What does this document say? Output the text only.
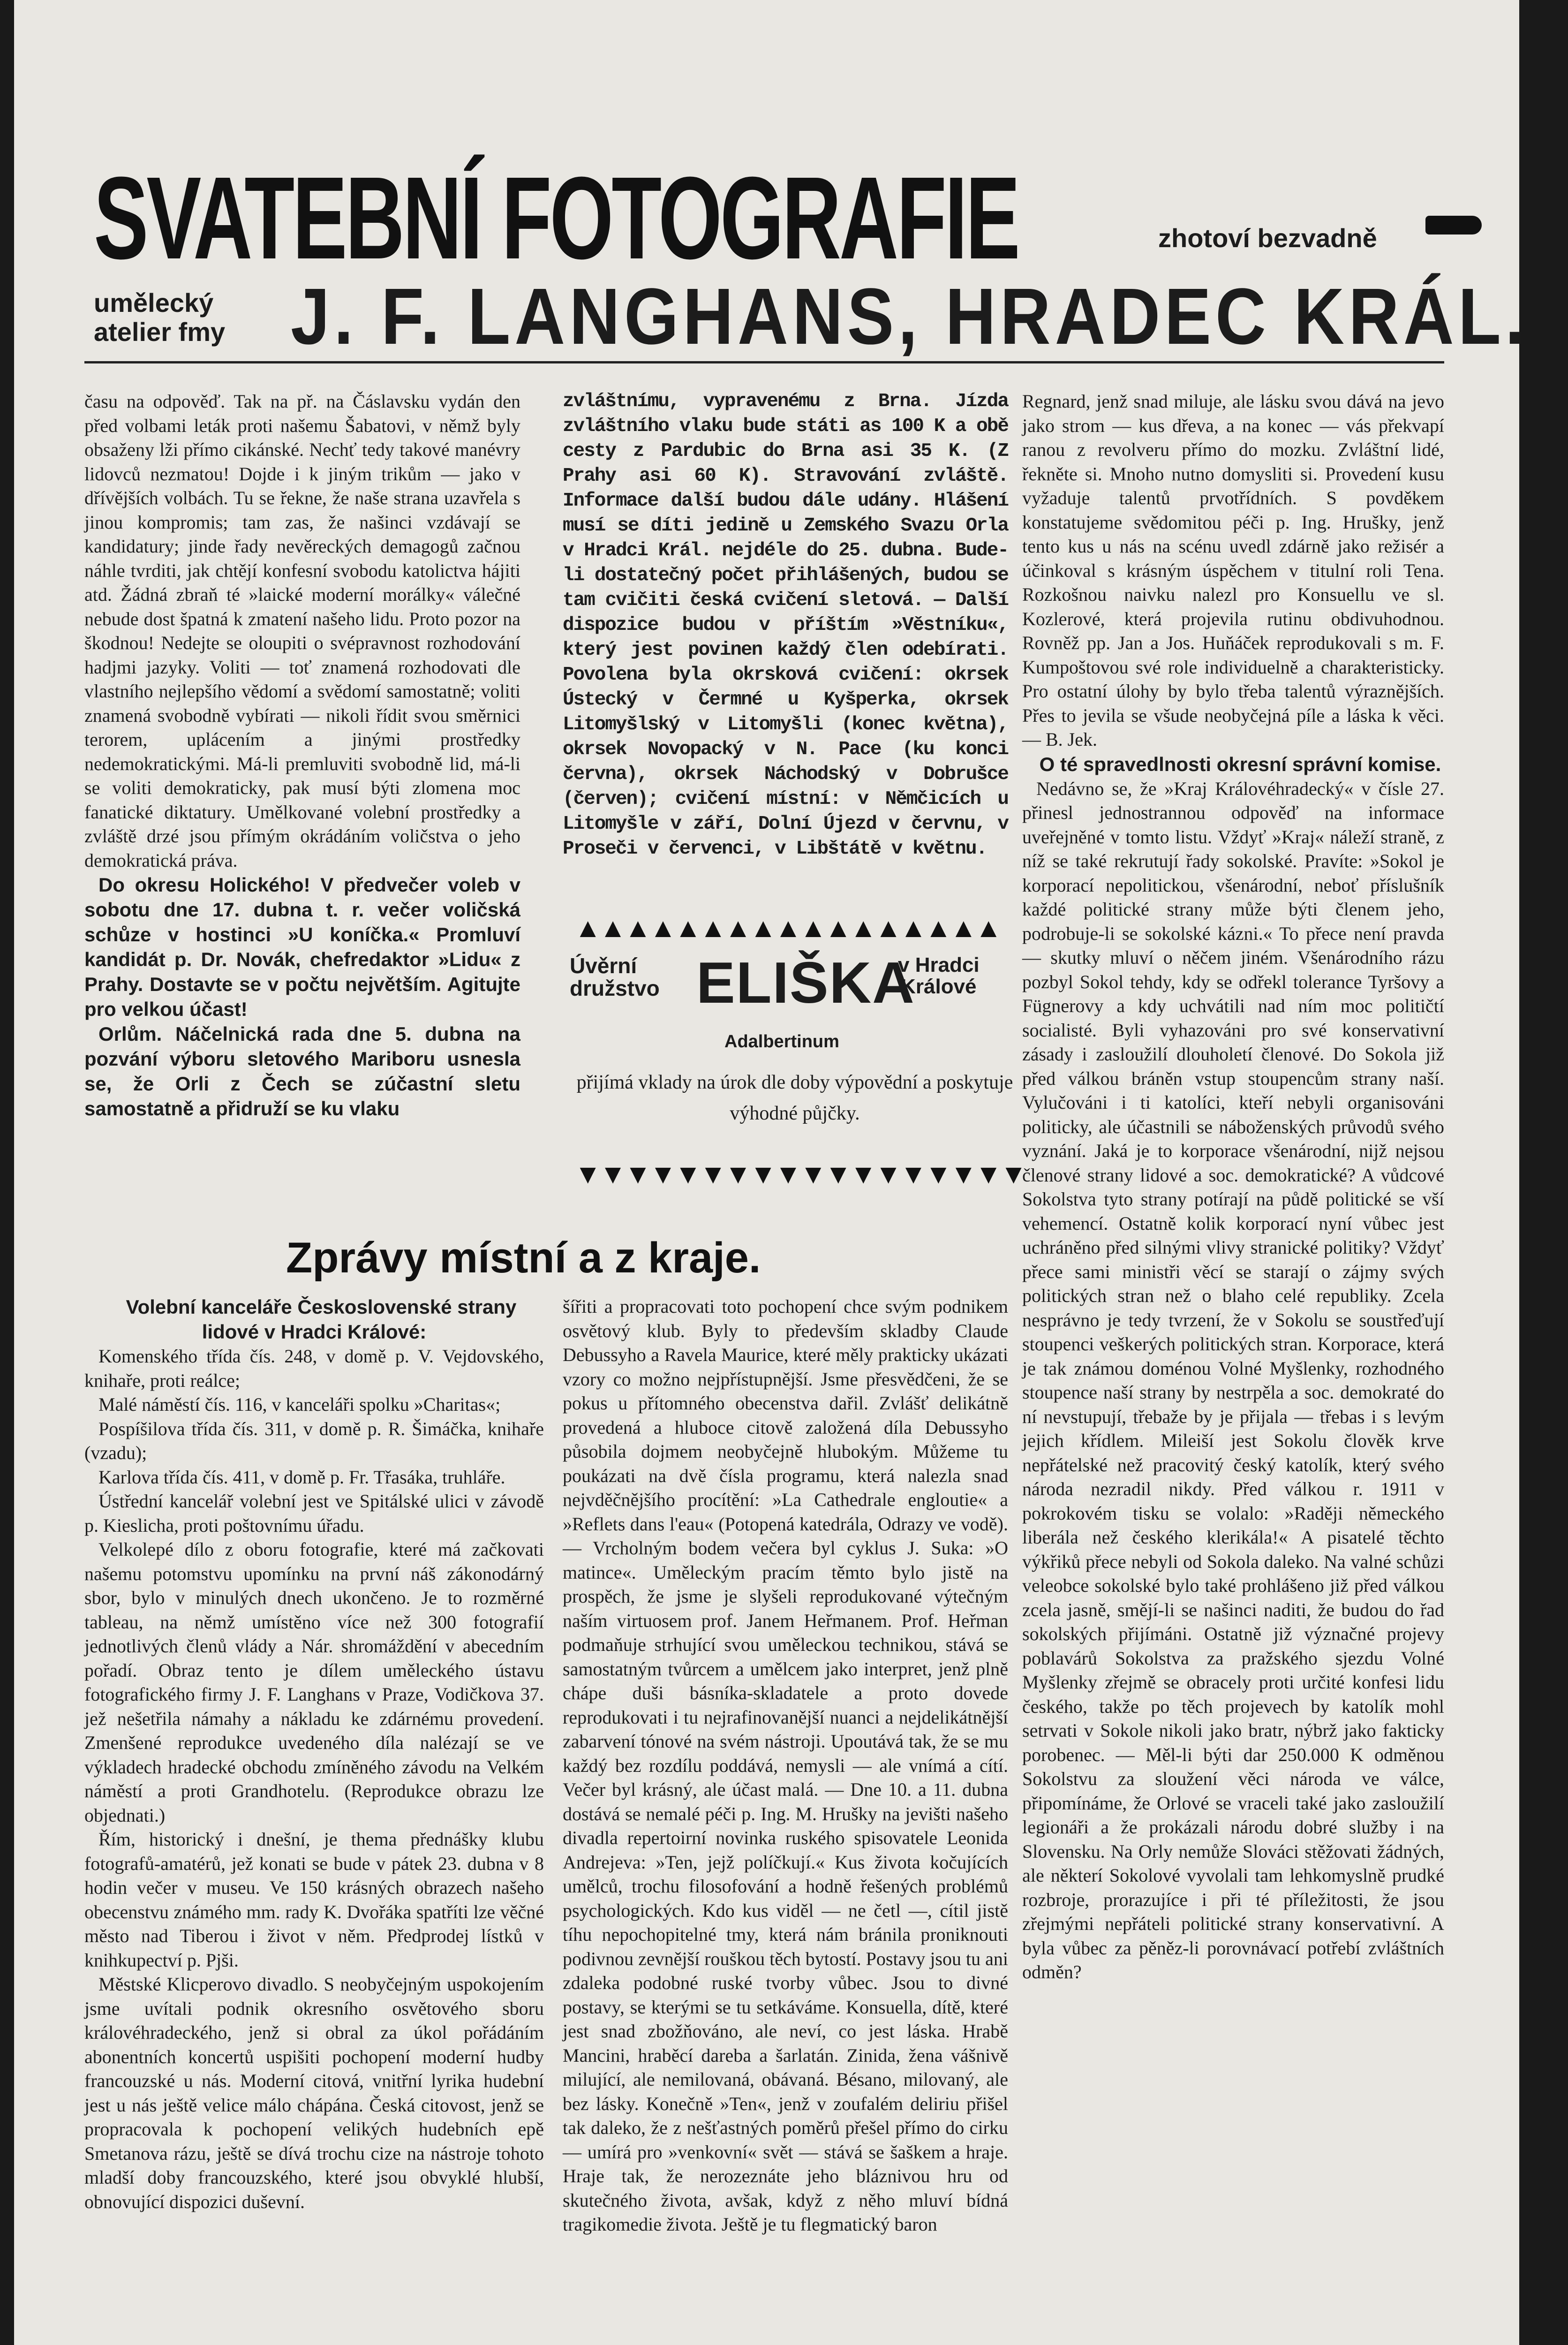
SVATEBNÍ FOTOGRAFIE	zhotoví bezvadně
umělecký
atelier fmy J. F. LANGHANS, HRADEC KRÁL.

času na odpověď. Tak na př. na Čáslavsku vydán den před volbami leták proti našemu Šabatovi, v němž byly obsaženy lži přímo cikánské. Nechť tedy takové manévry lidovců nezmatou! Dojde i k jiným trikům — jako v dřívějších volbách. Tu se řekne, že naše strana uzavřela s jinou kompromis; tam zas, že našinci vzdávají se kandidatury; jinde řady nevěreckých demagogů začnou náhle tvrditi, jak chtějí konfesní svobodu katolictva hájiti atd. Žádná zbraň té »laické moderní morálky« válečné nebude dost špatná k zmatení našeho lidu. Proto pozor na škodnou! Nedejte se oloupiti o svépravnost rozhodování hadjmi jazyky. Voliti — toť znamená rozhodovati dle vlastního nejlepšího vědomí a svědomí samostatně; voliti znamená svobodně vybírati — nikoli řídit svou směrnici terorem, uplácením a jinými prostředky nedemokratickými. Má-li premluviti svobodně lid, má-li se voliti demokraticky, pak musí býti zlomena moc fanatické diktatury. Umělkované volební prostředky a zvláště drzé jsou přímým okrádáním voličstva o jeho demokratická práva.

Do okresu Holického! V předvečer voleb v sobotu dne 17. dubna t. r. večer voličská schůze v hostinci »U koníčka.« Promluví kandidát p. Dr. Novák, chefredaktor »Lidu« z Prahy. Dostavte se v počtu největším. Agitujte pro velkou účast!

Orlům. Náčelnická rada dne 5. dubna na pozvání výboru sletového Mariboru usnesla se, že Orli z Čech se zúčastní sletu samostatně a přidruží se ku vlaku

zvláštnímu, vypravenému z Brna. Jízda zvláštního vlaku bude státi as 100 K a obě cesty z Pardubic do Brna asi 35 K. (Z Prahy asi 60 K). Stravování zvláště. Informace další budou dále udány. Hlášení musí se díti jedině u Zemského Svazu Orla v Hradci Král. nejdéle do 25. dubna. Bude-li dostatečný počet přihlášených, budou se tam cvičiti česká cvičení sletová. — Další dispozice budou v příštím »Věstníku«, který jest povinen každý člen odebírati. Povolena byla okrsková cvičení: okrsek Ústecký v Čermné u Kyšperka, okrsek Litomyšlský v Litomyšli (konec května), okrsek Novopacký v N. Pace (ku konci června), okrsek Náchodský v Dobrušce (červen); cvičení místní: v Němčicích u Litomyšle v září, Dolní Újezd v červnu, v Proseči v červenci, v Libštátě v květnu.

▲▲▲▲▲▲▲▲▲▲▲▲▲▲▲▲▲
Úvěrní
družstvo ELIŠKA
v Hradci
Králové
Adalbertinum
přijímá vklady na úrok dle doby výpovědní a poskytuje výhodné půjčky.
▼▼▼▼▼▼▼▼▼▼▼▼▼▼▼▼▼▼

Regnard, jenž snad miluje, ale lásku svou dává na jevo jako strom — kus dřeva, a na konec — vás překvapí ranou z revolveru přímo do mozku. Zvláštní lidé, řekněte si. Mnoho nutno domysliti si. Provedení kusu vyžaduje talentů prvotřídních. S povděkem konstatujeme svědomitou péči p. Ing. Hrušky, jenž tento kus u nás na scénu uvedl zdárně jako režisér a účinkoval s krásným úspěchem v titulní roli Tena. Rozkošnou naivku nalezl pro Konsuellu ve sl. Kozlerové, která projevila rutinu obdivuhodnou. Rovněž pp. Jan a Jos. Huňáček reprodukovali s m. F. Kumpoštovou své role individuelně a charakteristicky. Pro ostatní úlohy by bylo třeba talentů výraznějších. Přes to jevila se všude neobyčejná píle a láska k věci. — B. Jek.

O té spravedlnosti okresní správní komise.

Nedávno se, že »Kraj Královéhradecký« v čísle 27. přinesl jednostrannou odpověď na informace uveřejněné v tomto listu. Vždyť »Kraj« náleží straně, z níž se také rekrutují řady sokolské. Pravíte: »Sokol je korporací nepolitickou, všenárodní, neboť příslušník každé politické strany může býti členem jeho, podrobuje-li se sokolské kázni.« To přece není pravda — skutky mluví o něčem jiném. Všenárodního rázu pozbyl Sokol tehdy, kdy se odřekl tolerance Tyršovy a Fügnerovy a kdy uchvátili nad ním moc političtí socialisté. Byli vyhazováni pro své konservativní zásady i zasloužilí dlouholetí členové. Do Sokola již před válkou bráněn vstup stoupencům strany naší. Vylučováni i ti katolíci, kteří nebyli organisováni politicky, ale účastnili se náboženských průvodů svého vyznání. Jaká je to korporace všenárodní, nijž nejsou členové strany lidové a soc. demokratické? A vůdcové Sokolstva tyto strany potírají na půdě politické se vší vehemencí. Ostatně kolik korporací nyní vůbec jest uchráněno před silnými vlivy stranické politiky? Vždyť přece sami ministři věcí se starají o zájmy svých politických stran než o blaho celé republiky. Zcela nesprávno je tedy tvrzení, že v Sokolu se soustřeďují stoupenci veškerých politických stran. Korporace, která je tak známou doménou Volné Myšlenky, rozhodného stoupence naší strany by nestrpěla a soc. demokraté do ní nevstupují, třebaže by je přijala — třebas i s levým jejich křídlem. Mileiší jest Sokolu člověk krve nepřátelské než pracovitý český katolík, který svého národa nezradil nikdy. Před válkou r. 1911 v pokrokovém tisku se volalo: »Raději německého liberála než českého klerikála!« A pisatelé těchto výkřiků přece nebyli od Sokola daleko. Na valné schůzi veleobce sokolské bylo také prohlášeno již před válkou zcela jasně, smějí-li se našinci naditi, že budou do řad sokolských přijímáni. Ostatně již význačné projevy poblavárů Sokolstva za pražského sjezdu Volné Myšlenky zřejmě se obracely proti určité konfesi lidu českého, takže po těch projevech by katolík mohl setrvati v Sokole nikoli jako bratr, nýbrž jako fakticky porobenec. — Měl-li býti dar 250.000 K odměnou Sokolstvu za sloužení věci národa ve válce, připomínáme, že Orlové se vraceli také jako zasloužilí legionáři a že prokázali národu dobré služby i na Slovensku. Na Orly nemůže Slováci stěžovati žádných, ale některí Sokolové vyvolali tam lehkomyslně prudké rozbroje, prorazujíce i při té příležitosti, že jsou zřejmými nepřáteli politické strany konservativní. A byla vůbec za pěněz-li porovnávací potřebí zvláštních odměn?

Zprávy místní a z kraje.

Volební kanceláře Československé strany lidové v Hradci Králové:

Komenského třída čís. 248, v domě p. V. Vejdovského, knihaře, proti reálce;

Malé náměstí čís. 116, v kanceláři spolku »Charitas«;

Pospíšilova třída čís. 311, v domě p. R. Šimáčka, knihaře (vzadu);

Karlova třída čís. 411, v domě p. Fr. Třasáka, truhláře.

Ústřední kancelář volební jest ve Spitálské ulici v závodě p. Kieslicha, proti poštovnímu úřadu.

Velkolepé dílo z oboru fotografie, které má začkovati našemu potomstvu upomínku na první náš zákonodárný sbor, bylo v minulých dnech ukončeno. Je to rozměrné tableau, na němž umístěno více než 300 fotografií jednotlivých členů vlády a Nár. shromáždění v abecedním pořadí. Obraz tento je dílem uměleckého ústavu fotografického firmy J. F. Langhans v Praze, Vodičkova 37. jež nešetřila námahy a nákladu ke zdárnému provedení. Zmenšené reprodukce uvedeného díla nalézají se ve výkladech hradecké obchodu zmíněného závodu na Velkém náměstí a proti Grandhotelu. (Reprodukce obrazu lze objednati.)

Řím, historický i dnešní, je thema přednášky klubu fotografů-amatérů, jež konati se bude v pátek 23. dubna v 8 hodin večer v museu. Ve 150 krásných obrazech našeho obecenstvu známého mm. rady K. Dvořáka spatříti lze věčné město nad Tiberou i život v něm. Předprodej lístků v knihkupectví p. Pjši.

Městské Klicperovo divadlo. S neobyčejným uspokojením jsme uvítali podnik okresního osvětového sboru královéhradeckého, jenž si obral za úkol pořádáním abonentních koncertů uspišiti pochopení moderní hudby francouzské u nás. Moderní citová, vnitřní lyrika hudební jest u nás ještě velice málo chápána. Česká citovost, jenž se propracovala k pochopení velikých hudebních epě Smetanova rázu, ještě se dívá trochu cize na nástroje tohoto mladší doby francouzského, které jsou obvyklé hlubší, obnovující dispozici duševní.

šířiti a propracovati toto pochopení chce svým podnikem osvětový klub. Byly to především skladby Claude Debussyho a Ravela Maurice, které měly prakticky ukázati vzory co možno nejpřístupnější. Jsme přesvědčeni, že se pokus u přítomného obecenstva dařil. Zvlášť delikátně provedená a hluboce citově založená díla Debussyho působila dojmem neobyčejně hlubokým. Můžeme tu poukázati na dvě čísla programu, která nalezla snad nejvděčnějšího procítění: »La Cathedrale engloutie« a »Reflets dans l'eau« (Potopená katedrála, Odrazy ve vodě). — Vrcholným bodem večera byl cyklus J. Suka: »O matince«. Uměleckým pracím těmto bylo jistě na prospěch, že jsme je slyšeli reprodukované výtečným naším virtuosem prof. Janem Heřmanem. Prof. Heřman podmaňuje strhující svou uměleckou technikou, stává se samostatným tvůrcem a umělcem jako interpret, jenž plně chápe duši básníka-skladatele a proto dovede reprodukovati i tu nejrafinovanější nuanci a nejdelikátnější zabarvení tónové na svém nástroji. Upoutává tak, že se mu každý bez rozdílu poddává, nemysli — ale vnímá a cítí. Večer byl krásný, ale účast malá. — Dne 10. a 11. dubna dostává se nemalé péči p. Ing. M. Hrušky na jevišti našeho divadla repertoirní novinka ruského spisovatele Leonida Andrejeva: »Ten, jejž políčkují.« Kus života kočujících umělců, trochu filosofování a hodně řešených problémů psychologických. Kdo kus viděl — ne četl —, cítil jistě tíhu nepochopitelné tmy, která nám bránila proniknouti podivnou zevnější rouškou těch bytostí. Postavy jsou tu ani zdaleka podobné ruské tvorby vůbec. Jsou to divné postavy, se kterými se tu setkáváme. Konsuella, dítě, které jest snad zbožňováno, ale neví, co jest láska. Hrabě Mancini, hraběcí dareba a šarlatán. Zinida, žena vášnivě milující, ale nemilovaná, obávaná. Bésano, milovaný, ale bez lásky. Konečně »Ten«, jenž v zoufalém deliriu přišel tak daleko, že z nešťastných poměrů přešel přímo do cirku — umírá pro »venkovní« svět — stává se šaškem a hraje. Hraje tak, že nerozeznáte jeho bláznivou hru od skutečného života, avšak, když z něho mluví bídná tragikomedie života. Ještě je tu flegmatický baron
